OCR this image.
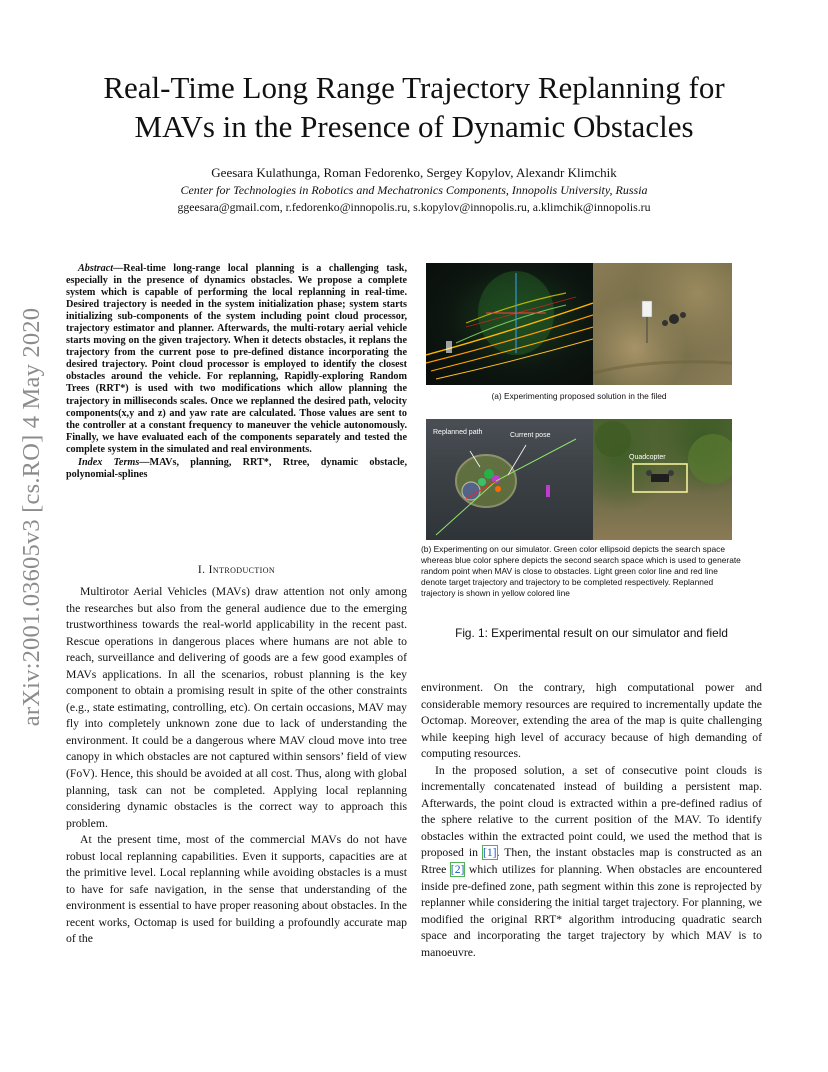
arXiv:2001.03605v3 [cs.RO] 4 May 2020
Real-Time Long Range Trajectory Replanning for
MAVs in the Presence of Dynamic Obstacles
Geesara Kulathunga, Roman Fedorenko, Sergey Kopylov, Alexandr Klimchik
Center for Technologies in Robotics and Mechatronics Components, Innopolis University, Russia
ggeesara@gmail.com, r.fedorenko@innopolis.ru, s.kopylov@innopolis.ru, a.klimchik@innopolis.ru

Abstract—Real-time long-range local planning is a challenging task, especially in the presence of dynamics obstacles. We propose a complete system which is capable of performing the local replanning in real-time. Desired trajectory is needed in the system initialization phase; system starts initializing sub-components of the system including point cloud processor, trajectory estimator and planner. Afterwards, the multi-rotary aerial vehicle starts moving on the given trajectory. When it detects obstacles, it replans the trajectory from the current pose to pre-defined distance incorporating the desired trajectory. Point cloud processor is employed to identify the closest obstacles around the vehicle. For replanning, Rapidly-exploring Random Trees (RRT*) is used with two modifications which allow planning the trajectory in milliseconds scales. Once we replanned the desired path, velocity components(x,y and z) and yaw rate are calculated. Those values are sent to the controller at a constant frequency to maneuver the vehicle autonomously. Finally, we have evaluated each of the components separately and tested the complete system in the simulated and real environments.

Index Terms—MAVs, planning, RRT*, Rtree, dynamic obstacle, polynomial-splines

I. Introduction

Multirotor Aerial Vehicles (MAVs) draw attention not only among the researches but also from the general audience due to the emerging trustworthiness towards the real-world applicability in the recent past. Rescue operations in dangerous places where humans are not able to reach, surveillance and delivering of goods are a few good examples of MAVs applications. In all the scenarios, robust planning is the key component to obtain a promising result in spite of the other constraints (e.g., state estimating, controlling, etc). On certain occasions, MAV may fly into completely unknown zone due to lack of understanding the environment. It could be a dangerous where MAV cloud move into tree canopy in which obstacles are not captured within sensors’ field of view (FoV). Hence, this should be avoided at all cost. Thus, along with global planning, task can not be completed. Applying local replanning considering dynamic obstacles is the correct way to approach this problem.

At the present time, most of the commercial MAVs do not have robust local replanning capabilities. Even it supports, capacities are at the primitive level. Local replanning while avoiding obstacles is a must to have for safe navigation, in the sense that understanding of the environment is essential to have proper reasoning about obstacles. In the recent works, Octomap is used for building a profoundly accurate map of the

(a) Experimenting proposed solution in the filed
Replanned path	Current pose
Quadcopter
(b) Experimenting on our simulator. Green color ellipsoid depicts the search space whereas blue color sphere depicts the second search space which is used to generate random point when MAV is close to obstacles. Light green color line and red line denote target trajectory and trajectory to be completed respectively. Replanned trajectory is shown in yellow colored line
Fig. 1: Experimental result on our simulator and field

environment. On the contrary, high computational power and considerable memory resources are required to incrementally update the Octomap. Moreover, extending the area of the map is quite challenging while keeping high level of accuracy because of high demanding of computing resources.

In the proposed solution, a set of consecutive point clouds is incrementally concatenated instead of building a persistent map. Afterwards, the point cloud is extracted within a pre-defined radius of the sphere relative to the current position of the MAV. To identify obstacles within the extracted point could, we used the method that is proposed in [1]. Then, the instant obstacles map is constructed as an Rtree [2] which utilizes for planning. When obstacles are encountered inside pre-defined zone, path segment within this zone is reprojected by replanner while considering the initial target trajectory. For planning, we modified the original RRT* algorithm introducing quadratic search space and incorporating the target trajectory by which MAV is to manoeuvre.
